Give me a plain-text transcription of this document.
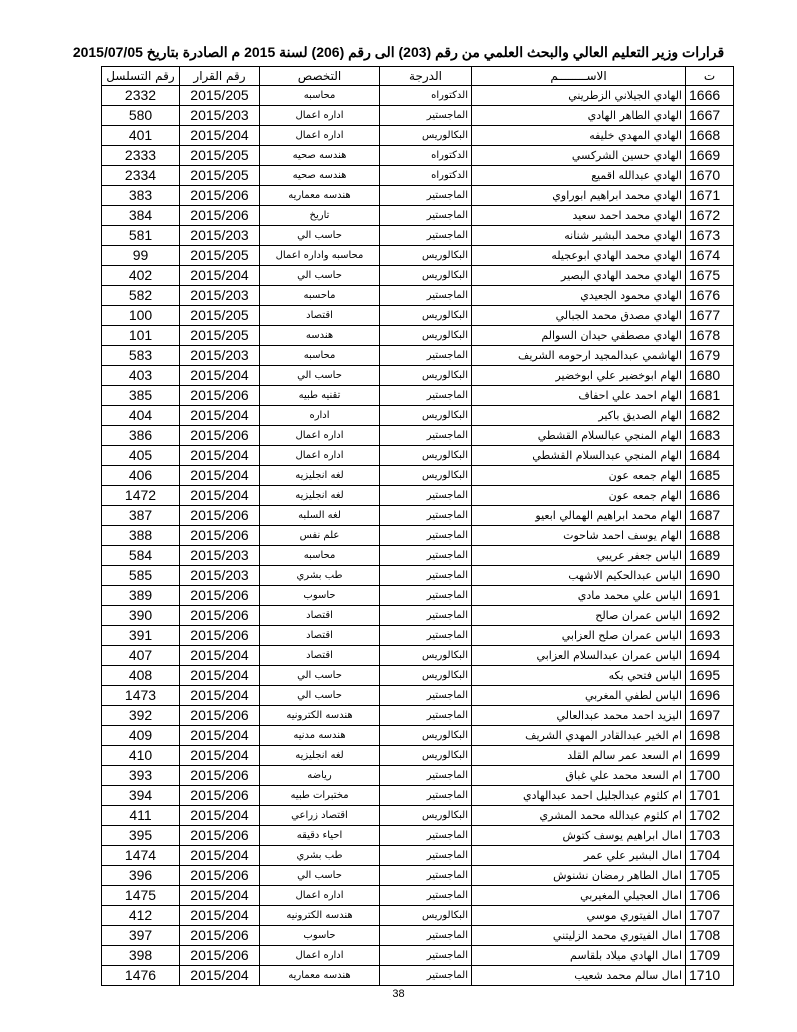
قرارات وزير التعليم العالي والبحث العلمي من رقم (203) الى رقم (206) لسنة 2015 م الصادرة بتاريخ 2015/07/05
ت	الاســــــــم	الدرجة	التخصص	رقم القرار	رقم التسلسل
1666	الهادي الجيلاني الزطريني	الدكتوراه	محاسبه	2015/205	2332
1667	الهادي الطاهر الهادي	الماجستير	اداره اعمال	2015/203	580
1668	الهادي المهدي خليفه	البكالوريس	اداره اعمال	2015/204	401
1669	الهادي حسين الشركسي	الدكتوراه	هندسه صحيه	2015/205	2333
1670	الهادي عبدالله اقميع	الدكتوراه	هندسه صحيه	2015/205	2334
1671	الهادي محمد ابراهيم ابوراوي	الماجستير	هندسه معماريه	2015/206	383
1672	الهادي محمد احمد سعيد	الماجستير	تاريخ	2015/206	384
1673	الهادي محمد البشير شنانه	الماجستير	حاسب الي	2015/203	581
1674	الهادي محمد الهادي ابوعجيله	البكالوريس	محاسبه واداره اعمال	2015/205	99
1675	الهادي محمد الهادي البصير	البكالوريس	حاسب الي	2015/204	402
1676	الهادي محمود الجعيدي	الماجستير	ماحسبه	2015/203	582
1677	الهادي مصدق محمد الجبالي	البكالوريس	اقتصاد	2015/205	100
1678	الهادي مصطفي حيدان السوالم	البكالوريس	هندسه	2015/205	101
1679	الهاشمي عبدالمجيد ارحومه الشريف	الماجستير	محاسبه	2015/203	583
1680	الهام ابوخضير علي ابوخضير	البكالوريس	حاسب الي	2015/204	403
1681	الهام احمد علي احفاف	الماجستير	تقنيه طبيه	2015/206	385
1682	الهام الصديق باكير	البكالوريس	اداره	2015/204	404
1683	الهام المنجي عبالسلام القشطي	الماجستير	اداره اعمال	2015/206	386
1684	الهام المنجي عبدالسلام القشطي	البكالوريس	اداره اعمال	2015/204	405
1685	الهام جمعه عون	البكالوريس	لغه انجليزيه	2015/204	406
1686	الهام جمعه عون	الماجستير	لغه انجليزيه	2015/204	1472
1687	الهام محمد ابراهيم الهمالي ابعيو	الماجستير	لغه السلبه	2015/206	387
1688	الهام يوسف احمد شاحوت	الماجستير	علم نفس	2015/206	388
1689	الياس جعفر عريبي	الماجستير	محاسبه	2015/203	584
1690	الياس عبدالحكيم الاشهب	الماجستير	طب بشري	2015/203	585
1691	الياس علي محمد مادي	الماجستير	حاسوب	2015/206	389
1692	الياس عمران صالح	الماجستير	اقتصاد	2015/206	390
1693	الياس عمران صلح العزابي	الماجستير	اقتصاد	2015/206	391
1694	الياس عمران عبدالسلام العزابي	البكالوريس	اقتصاد	2015/204	407
1695	الياس فتحي بكه	البكالوريس	حاسب الي	2015/204	408
1696	الياس لطفي المغربي	الماجستير	حاسب الي	2015/204	1473
1697	اليزيد احمد محمد عبدالعالي	الماجستير	هندسه الكترونيه	2015/206	392
1698	ام الخير عبدالقادر المهدي الشريف	البكالوريس	هندسه مدنيه	2015/204	409
1699	ام السعد عمر سالم القلد	البكالوريس	لغه انجليزيه	2015/204	410
1700	ام السعد محمد علي غباق	الماجستير	رياضه	2015/206	393
1701	ام كلثوم عبدالجليل احمد عبدالهادي	الماجستير	مختبرات طبيه	2015/206	394
1702	ام كلثوم عبدالله محمد المشري	البكالوريس	اقتصاد زراعي	2015/204	411
1703	امال ابراهيم يوسف كتوش	الماجستير	احياء دقيقه	2015/206	395
1704	امال البشير علي عمر	الماجستير	طب بشري	2015/204	1474
1705	امال الطاهر رمضان نشنوش	الماجستير	حاسب الي	2015/206	396
1706	امال العجيلي المغيربي	الماجستير	اداره اعمال	2015/204	1475
1707	امال الفيتوري موسي	البكالوريس	هندسه الكترونيه	2015/204	412
1708	امال الفيتوري محمد الزليتني	الماجستير	حاسوب	2015/206	397
1709	امال الهادي ميلاد بلقاسم	الماجستير	اداره اعمال	2015/206	398
1710	امال سالم محمد شعيب	الماجستير	هندسه معماريه	2015/204	1476
38
